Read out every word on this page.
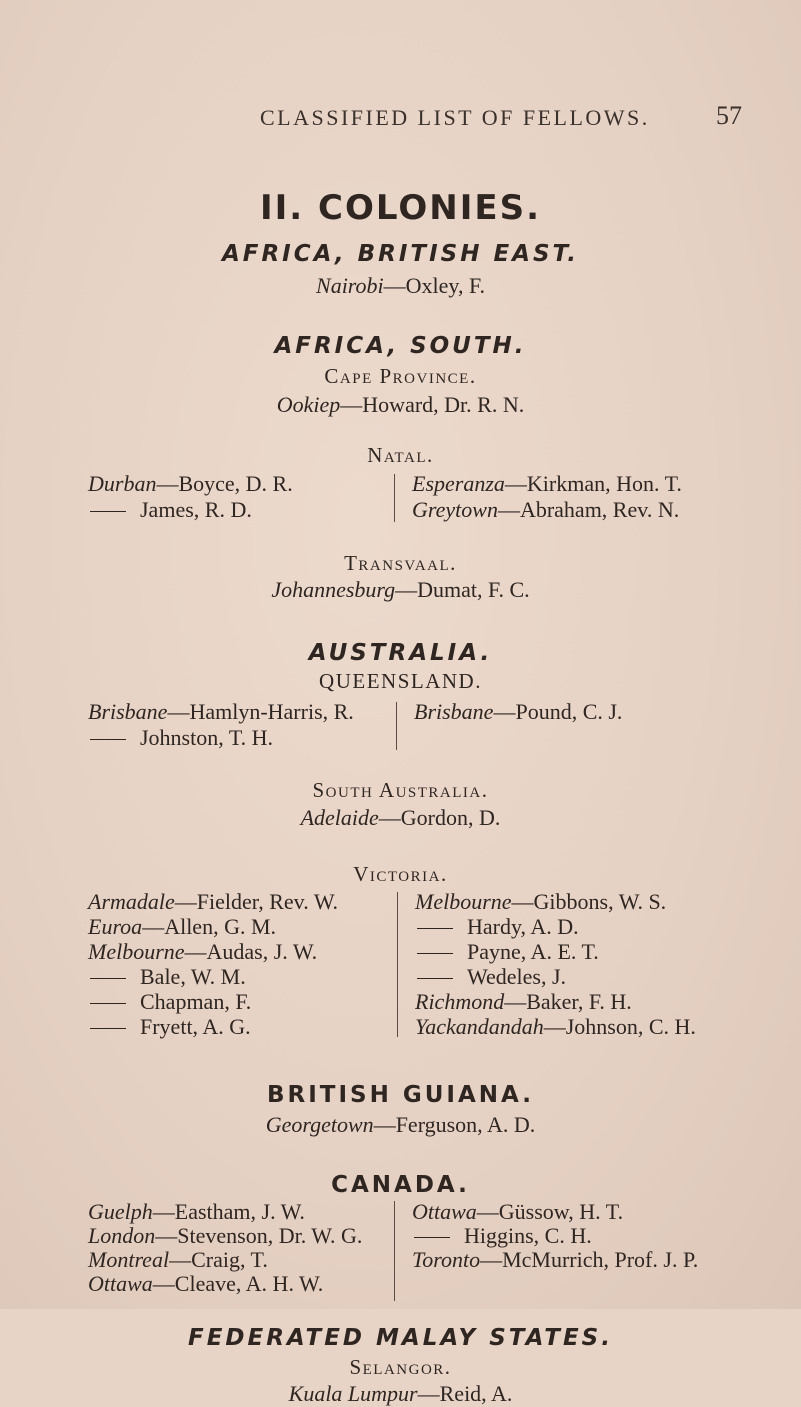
CLASSIFIED LIST OF FELLOWS.	57
II. COLONIES.
AFRICA, BRITISH EAST.
Nairobi—Oxley, F.
AFRICA, SOUTH.
Cape Province.
Ookiep—Howard, Dr. R. N.
Natal.
Durban—Boyce, D. R.
James, R. D.
Esperanza—Kirkman, Hon. T.
Greytown—Abraham, Rev. N.
Transvaal.
Johannesburg—Dumat, F. C.
AUSTRALIA.
QUEENSLAND.
Brisbane—Hamlyn-Harris, R.
Johnston, T. H.
Brisbane—Pound, C. J.
South Australia.
Adelaide—Gordon, D.
Victoria.
Armadale—Fielder, Rev. W.
Euroa—Allen, G. M.
Melbourne—Audas, J. W.
Bale, W. M.
Chapman, F.
Fryett, A. G.
Melbourne—Gibbons, W. S.
Hardy, A. D.
Payne, A. E. T.
Wedeles, J.
Richmond—Baker, F. H.
Yackandandah—Johnson, C. H.
BRITISH GUIANA.
Georgetown—Ferguson, A. D.
CANADA.
Guelph—Eastham, J. W.
London—Stevenson, Dr. W. G.
Montreal—Craig, T.
Ottawa—Cleave, A. H. W.
Ottawa—Güssow, H. T.
Higgins, C. H.
Toronto—McMurrich, Prof. J. P.
FEDERATED MALAY STATES.
Selangor.
Kuala Lumpur—Reid, A.
